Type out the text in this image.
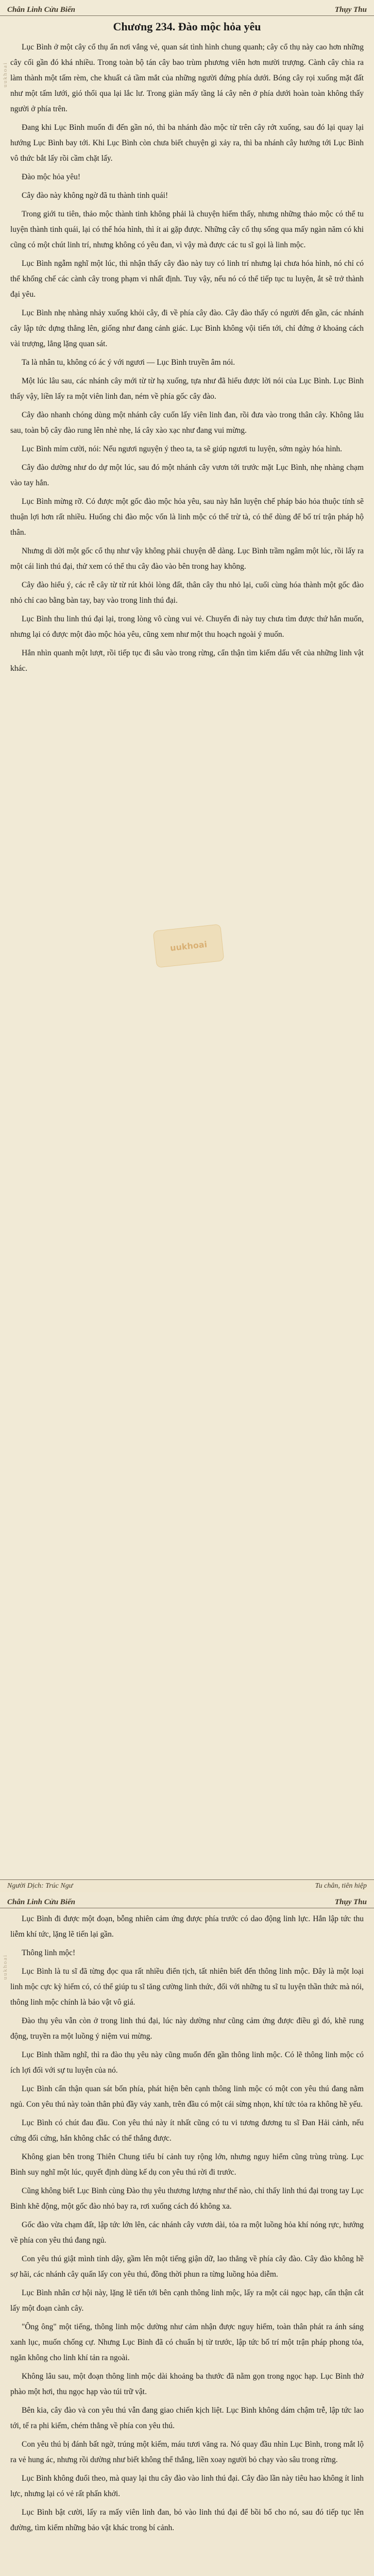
Chân Linh Cửu Biến	Thụy Thu
uukhoai
Chương 234. Đào mộc hỏa yêu

Lục Bình ở một cây cổ thụ ẩn nơi vắng vẻ, quan sát tình hình chung quanh; cây cổ thụ này cao hơn những cây cối gần đó khá nhiều. Trong toàn bộ tán cây bao trùm phương viên hơn mười trượng. Cành cây chìa ra làm thành một tấm rèm, che khuất cả tầm mắt của những người đứng phía dưới. Bóng cây rọi xuống mặt đất như một tấm lưới, gió thổi qua lại lắc lư. Trong giàn mấy tầng lá cây nên ở phía dưới hoàn toàn không thấy người ở phía trên.

Đang khi Lục Bình muốn đi đến gần nó, thì ba nhánh đào mộc từ trên cây rớt xuống, sau đó lại quay lại hướng Lục Bình bay tới. Khi Lục Bình còn chưa biết chuyện gì xảy ra, thì ba nhánh cây hướng tới Lục Bình vô thức bắt lấy rồi cầm chặt lấy.

Đào mộc hỏa yêu!

Cây đào này không ngờ đã tu thành tinh quái!

Trong giới tu tiên, thảo mộc thành tinh không phải là chuyện hiếm thấy, nhưng những thảo mộc có thể tu luyện thành tinh quái, lại có thể hóa hình, thì ít ai gặp được. Những cây cổ thụ sống qua mấy ngàn năm có khi cũng có một chút linh trí, nhưng không có yêu đan, vì vậy mà được các tu sĩ gọi là linh mộc.

Lục Bình ngẫm nghĩ một lúc, thì nhận thấy cây đào này tuy có linh trí nhưng lại chưa hóa hình, nó chỉ có thể khống chế các cành cây trong phạm vi nhất định. Tuy vậy, nếu nó có thể tiếp tục tu luyện, ắt sẽ trở thành đại yêu.

Lục Bình nhẹ nhàng nhảy xuống khỏi cây, đi về phía cây đào. Cây đào thấy có người đến gần, các nhánh cây lập tức dựng thẳng lên, giống như đang cảnh giác. Lục Bình không vội tiến tới, chỉ đứng ở khoảng cách vài trượng, lẳng lặng quan sát.

Ta là nhân tu, không có ác ý với ngươi — Lục Bình truyền âm nói.

Một lúc lâu sau, các nhánh cây mới từ từ hạ xuống, tựa như đã hiểu được lời nói của Lục Bình. Lục Bình thấy vậy, liền lấy ra một viên linh đan, ném về phía gốc cây đào.

Cây đào nhanh chóng dùng một nhánh cây cuốn lấy viên linh đan, rồi đưa vào trong thân cây. Không lâu sau, toàn bộ cây đào rung lên nhè nhẹ, lá cây xào xạc như đang vui mừng.

Lục Bình mỉm cười, nói: Nếu ngươi nguyện ý theo ta, ta sẽ giúp ngươi tu luyện, sớm ngày hóa hình.

Cây đào dường như do dự một lúc, sau đó một nhánh cây vươn tới trước mặt Lục Bình, nhẹ nhàng chạm vào tay hắn.

Lục Bình mừng rỡ. Có được một gốc đào mộc hỏa yêu, sau này hắn luyện chế pháp bảo hỏa thuộc tính sẽ thuận lợi hơn rất nhiều. Huống chi đào mộc vốn là linh mộc có thể trừ tà, có thể dùng để bố trí trận pháp hộ thân.

Nhưng di dời một gốc cổ thụ như vậy không phải chuyện dễ dàng. Lục Bình trầm ngâm một lúc, rồi lấy ra một cái linh thú đại, thử xem có thể thu cây đào vào bên trong hay không.

Cây đào hiểu ý, các rễ cây từ từ rút khỏi lòng đất, thân cây thu nhỏ lại, cuối cùng hóa thành một gốc đào nhỏ chỉ cao bằng bàn tay, bay vào trong linh thú đại.

Lục Bình thu linh thú đại lại, trong lòng vô cùng vui vẻ. Chuyến đi này tuy chưa tìm được thứ hắn muốn, nhưng lại có được một đào mộc hỏa yêu, cũng xem như một thu hoạch ngoài ý muốn.

Hắn nhìn quanh một lượt, rồi tiếp tục đi sâu vào trong rừng, cẩn thận tìm kiếm dấu vết của những linh vật khác.

uukhoai
Người Dịch: Trúc Ngư	Tu chân, tiên hiệp
Chân Linh Cửu Biến	Thụy Thu
uukhoai

Lục Bình đi được một đoạn, bỗng nhiên cảm ứng được phía trước có dao động linh lực. Hắn lập tức thu liễm khí tức, lặng lẽ tiến lại gần.

Thông linh mộc!

Lục Bình là tu sĩ đã từng đọc qua rất nhiều điển tịch, tất nhiên biết đến thông linh mộc. Đây là một loại linh mộc cực kỳ hiếm có, có thể giúp tu sĩ tăng cường linh thức, đối với những tu sĩ tu luyện thần thức mà nói, thông linh mộc chính là bảo vật vô giá.

Đào thụ yêu vẫn còn ở trong linh thú đại, lúc này dường như cũng cảm ứng được điều gì đó, khẽ rung động, truyền ra một luồng ý niệm vui mừng.

Lục Bình thầm nghĩ, thì ra đào thụ yêu này cũng muốn đến gần thông linh mộc. Có lẽ thông linh mộc có ích lợi đối với sự tu luyện của nó.

Lục Bình cẩn thận quan sát bốn phía, phát hiện bên cạnh thông linh mộc có một con yêu thú đang nằm ngủ. Con yêu thú này toàn thân phủ đầy vảy xanh, trên đầu có một cái sừng nhọn, khí tức tỏa ra không hề yếu.

Lục Bình có chút đau đầu. Con yêu thú này ít nhất cũng có tu vi tương đương tu sĩ Đan Hải cảnh, nếu cứng đối cứng, hắn không chắc có thể thắng được.

Không gian bên trong Thiên Chung tiểu bí cảnh tuy rộng lớn, nhưng nguy hiểm cũng trùng trùng. Lục Bình suy nghĩ một lúc, quyết định dùng kế dụ con yêu thú rời đi trước.

Cũng không biết Lục Bình cùng Đào thụ yêu thương lượng như thế nào, chỉ thấy linh thú đại trong tay Lục Bình khẽ động, một gốc đào nhỏ bay ra, rơi xuống cách đó không xa.

Gốc đào vừa chạm đất, lập tức lớn lên, các nhánh cây vươn dài, tỏa ra một luồng hỏa khí nóng rực, hướng về phía con yêu thú đang ngủ.

Con yêu thú giật mình tỉnh dậy, gầm lên một tiếng giận dữ, lao thẳng về phía cây đào. Cây đào không hề sợ hãi, các nhánh cây quấn lấy con yêu thú, đồng thời phun ra từng luồng hỏa diễm.

Lục Bình nhân cơ hội này, lặng lẽ tiến tới bên cạnh thông linh mộc, lấy ra một cái ngọc hạp, cẩn thận cắt lấy một đoạn cành cây.

"Ông ông" một tiếng, thông linh mộc dường như cảm nhận được nguy hiểm, toàn thân phát ra ánh sáng xanh lục, muốn chống cự. Nhưng Lục Bình đã có chuẩn bị từ trước, lập tức bố trí một trận pháp phong tỏa, ngăn không cho linh khí tản ra ngoài.

Không lâu sau, một đoạn thông linh mộc dài khoảng ba thước đã nằm gọn trong ngọc hạp. Lục Bình thở phào một hơi, thu ngọc hạp vào túi trữ vật.

Bên kia, cây đào và con yêu thú vẫn đang giao chiến kịch liệt. Lục Bình không dám chậm trễ, lập tức lao tới, tế ra phi kiếm, chém thẳng về phía con yêu thú.

Con yêu thú bị đánh bất ngờ, trúng một kiếm, máu tươi văng ra. Nó quay đầu nhìn Lục Bình, trong mắt lộ ra vẻ hung ác, nhưng rồi dường như biết không thể thắng, liền xoay người bỏ chạy vào sâu trong rừng.

Lục Bình không đuổi theo, mà quay lại thu cây đào vào linh thú đại. Cây đào lần này tiêu hao không ít linh lực, nhưng lại có vẻ rất phấn khởi.

Lục Bình bật cười, lấy ra mấy viên linh đan, bỏ vào linh thú đại để bồi bổ cho nó, sau đó tiếp tục lên đường, tìm kiếm những bảo vật khác trong bí cảnh.
